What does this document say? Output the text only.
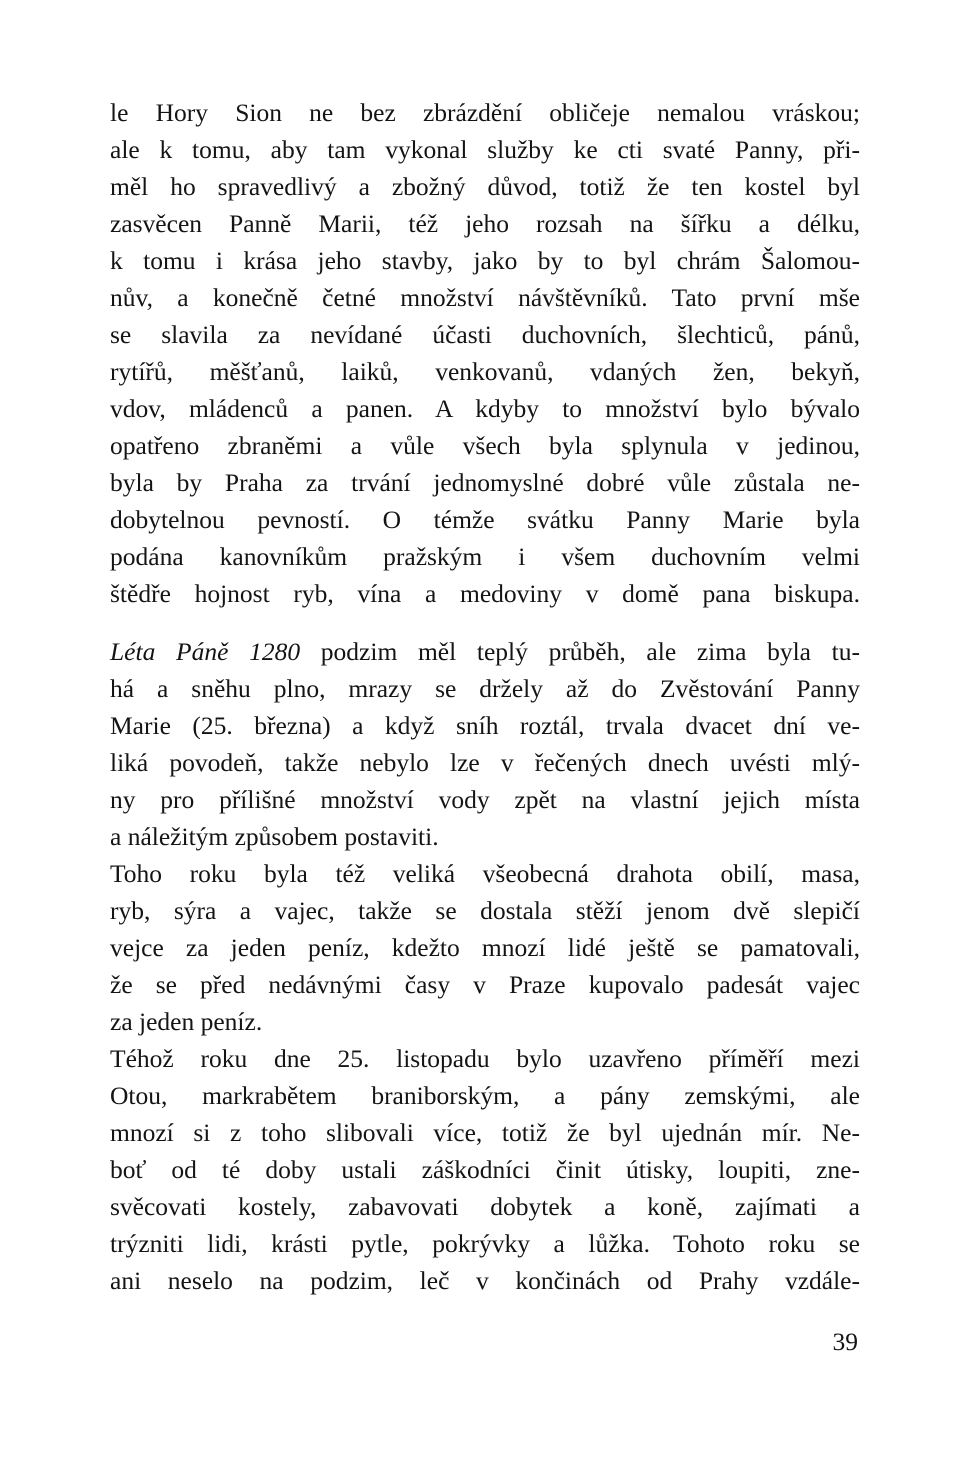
le Hory Sion ne bez zbrázdění obličeje nemalou vráskou;
ale k tomu, aby tam vykonal služby ke cti svaté Panny, při-
měl ho spravedlivý a zbožný důvod, totiž že ten kostel byl
zasvěcen Panně Marii, též jeho rozsah na šířku a délku,
k tomu i krása jeho stavby, jako by to byl chrám Šalomou-
nův, a konečně četné množství návštěvníků. Tato první mše
se slavila za nevídané účasti duchovních, šlechticů, pánů,
rytířů, měšťanů, laiků, venkovanů, vdaných žen, bekyň,
vdov, mládenců a panen. A kdyby to množství bylo bývalo
opatřeno zbraněmi a vůle všech byla splynula v jedinou,
byla by Praha za trvání jednomyslné dobré vůle zůstala ne-
dobytelnou pevností. O témže svátku Panny Marie byla
podána kanovníkům pražským i všem duchovním velmi
štědře hojnost ryb, vína a medoviny v domě pana biskupa.
Léta Páně 1280 podzim měl teplý průběh, ale zima byla tu-
há a sněhu plno, mrazy se držely až do Zvěstování Panny
Marie (25. března) a když sníh roztál, trvala dvacet dní ve-
liká povodeň, takže nebylo lze v řečených dnech uvésti mlý-
ny pro přílišné množství vody zpět na vlastní jejich místa
a náležitým způsobem postaviti.
Toho roku byla též veliká všeobecná drahota obilí, masa,
ryb, sýra a vajec, takže se dostala stěží jenom dvě slepičí
vejce za jeden peníz, kdežto mnozí lidé ještě se pamatovali,
že se před nedávnými časy v Praze kupovalo padesát vajec
za jeden peníz.
Téhož roku dne 25. listopadu bylo uzavřeno příměří mezi
Otou, markrabětem braniborským, a pány zemskými, ale
mnozí si z toho slibovali více, totiž že byl ujednán mír. Ne-
boť od té doby ustali záškodníci činit útisky, loupiti, zne-
svěcovati kostely, zabavovati dobytek a koně, zajímati a
trýzniti lidi, krásti pytle, pokrývky a lůžka. Tohoto roku se
ani neselo na podzim, leč v končinách od Prahy vzdále-
39
